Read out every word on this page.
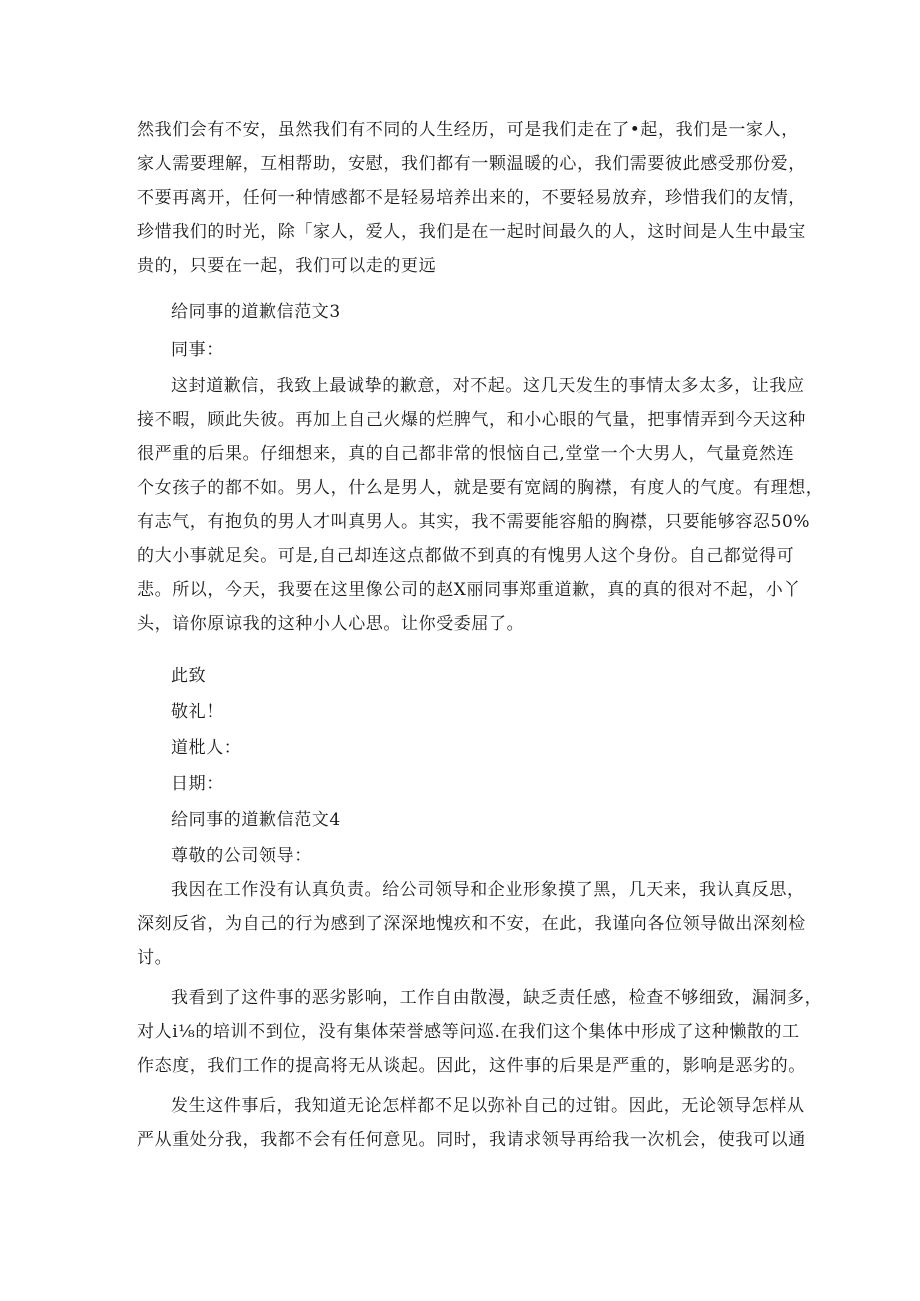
然我们会有不安，虽然我们有不同的人生经历，可是我们走在了•起，我们是一家人，
家人需要理解，互相帮助，安慰，我们都有一颗温暖的心，我们需要彼此感受那份爱，
不要再离开，任何一种情感都不是轻易培养出来的，不要轻易放弃，珍惜我们的友情，
珍惜我们的时光，除「家人，爱人，我们是在一起时间最久的人，这时间是人生中最宝
贵的，只要在一起，我们可以走的更远
给同事的道歉信范文3
同事：
这封道歉信，我致上最诚挚的歉意，对不起。这几天发生的事情太多太多，让我应
接不暇，顾此失彼。再加上自己火爆的烂脾气，和小心眼的气量，把事情弄到今天这种
很严重的后果。仔细想来，真的自己都非常的恨恼自己,堂堂一个大男人，气量竟然连
个女孩子的都不如。男人，什么是男人，就是要有宽阔的胸襟，有度人的气度。有理想，
有志气，有抱负的男人才叫真男人。其实，我不需要能容船的胸襟，只要能够容忍50%
的大小事就足矣。可是,自己却连这点都做不到真的有愧男人这个身份。自己都觉得可
悲。所以，今天，我要在这里像公司的赵X丽同事郑重道歉，真的真的很对不起，小丫
头，谙你原谅我的这种小人心思。让你受委屈了。
此致
敬礼！
道枇人：
日期：
给同事的道歉信范文4
尊敬的公司领导：
我因在工作没有认真负责。给公司领导和企业形象摸了黑，几天来，我认真反思，
深刻反省，为自己的行为感到了深深地愧疚和不安，在此，我谨向各位领导做出深刻检
讨。
我看到了这件事的恶劣影响，工作自由散漫，缺乏责任感，检查不够细致，漏洞多，
对人i⅛的培训不到位，没有集体荣誉感等问巡.在我们这个集体中形成了这种懒散的工
作态度，我们工作的提高将无从谈起。因此，这件事的后果是严重的，影响是恶劣的。
发生这件事后，我知道无论怎样都不足以弥补自己的过钳。因此，无论领导怎样从
严从重处分我，我都不会有任何意见。同时，我请求领导再给我一次机会，使我可以通
